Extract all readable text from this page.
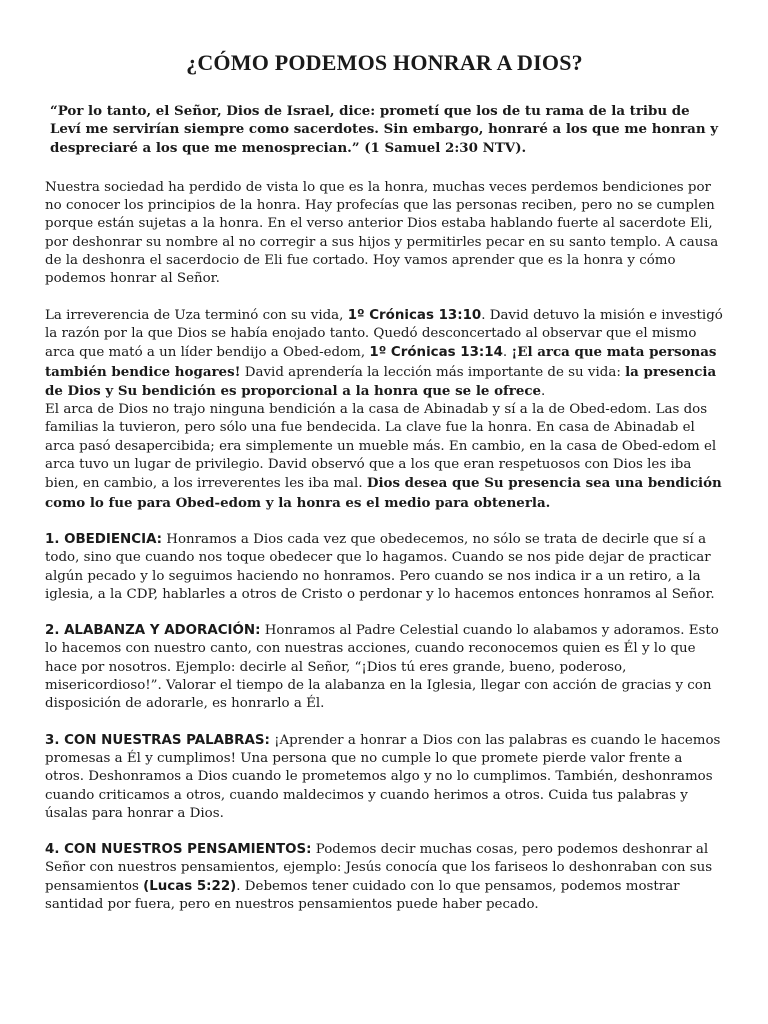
¿CÓMO PODEMOS HONRAR A DIOS?

“Por lo tanto, el Señor, Dios de Israel, dice: prometí que los de tu rama de la tribu de Leví me servirían siempre como sacerdotes. Sin embargo, honraré a los que me honran y despreciaré a los que me menosprecian.” (1 Samuel 2:30 NTV).

Nuestra sociedad ha perdido de vista lo que es la honra, muchas veces perdemos bendiciones por no conocer los principios de la honra. Hay profecías que las personas reciben, pero no se cumplen porque están sujetas a la honra. En el verso anterior Dios estaba hablando fuerte al sacerdote Eli, por deshonrar su nombre al no corregir a sus hijos y permitirles pecar en su santo templo. A causa de la deshonra el sacerdocio de Eli fue cortado. Hoy vamos aprender que es la honra y cómo podemos honrar al Señor.

La irreverencia de Uza terminó con su vida, 1º Crónicas 13:10. David detuvo la misión e investigó la razón por la que Dios se había enojado tanto. Quedó desconcertado al observar que el mismo arca que mató a un líder bendijo a Obed-edom, 1º Crónicas 13:14. ¡El arca que mata personas también bendice hogares! David aprendería la lección más importante de su vida: la presencia de Dios y Su bendición es proporcional a la honra que se le ofrece.

El arca de Dios no trajo ninguna bendición a la casa de Abinadab y sí a la de Obed-edom. Las dos familias la tuvieron, pero sólo una fue bendecida. La clave fue la honra. En casa de Abinadab el arca pasó desapercibida; era simplemente un mueble más. En cambio, en la casa de Obed-edom el arca tuvo un lugar de privilegio. David observó que a los que eran respetuosos con Dios les iba bien, en cambio, a los irreverentes les iba mal. Dios desea que Su presencia sea una bendición como lo fue para Obed-edom y la honra es el medio para obtenerla.

1. OBEDIENCIA: Honramos a Dios cada vez que obedecemos, no sólo se trata de decirle que sí a todo, sino que cuando nos toque obedecer que lo hagamos. Cuando se nos pide dejar de practicar algún pecado y lo seguimos haciendo no honramos. Pero cuando se nos indica ir a un retiro, a la iglesia, a la CDP, hablarles a otros de Cristo o perdonar y lo hacemos entonces honramos al Señor.

2. ALABANZA Y ADORACIÓN: Honramos al Padre Celestial cuando lo alabamos y adoramos. Esto lo hacemos con nuestro canto, con nuestras acciones, cuando reconocemos quien es Él y lo que hace por nosotros. Ejemplo: decirle al Señor, “¡Dios tú eres grande, bueno, poderoso, misericordioso!”. Valorar el tiempo de la alabanza en la Iglesia, llegar con acción de gracias y con disposición de adorarle, es honrarlo a Él.

3. CON NUESTRAS PALABRAS: ¡Aprender a honrar a Dios con las palabras es cuando le hacemos promesas a Él y cumplimos! Una persona que no cumple lo que promete pierde valor frente a otros. Deshonramos a Dios cuando le prometemos algo y no lo cumplimos. También, deshonramos cuando criticamos a otros, cuando maldecimos y cuando herimos a otros. Cuida tus palabras y úsalas para honrar a Dios.

4. CON NUESTROS PENSAMIENTOS: Podemos decir muchas cosas, pero podemos deshonrar al Señor con nuestros pensamientos, ejemplo: Jesús conocía que los fariseos lo deshonraban con sus pensamientos (Lucas 5:22). Debemos tener cuidado con lo que pensamos, podemos mostrar santidad por fuera, pero en nuestros pensamientos puede haber pecado.
